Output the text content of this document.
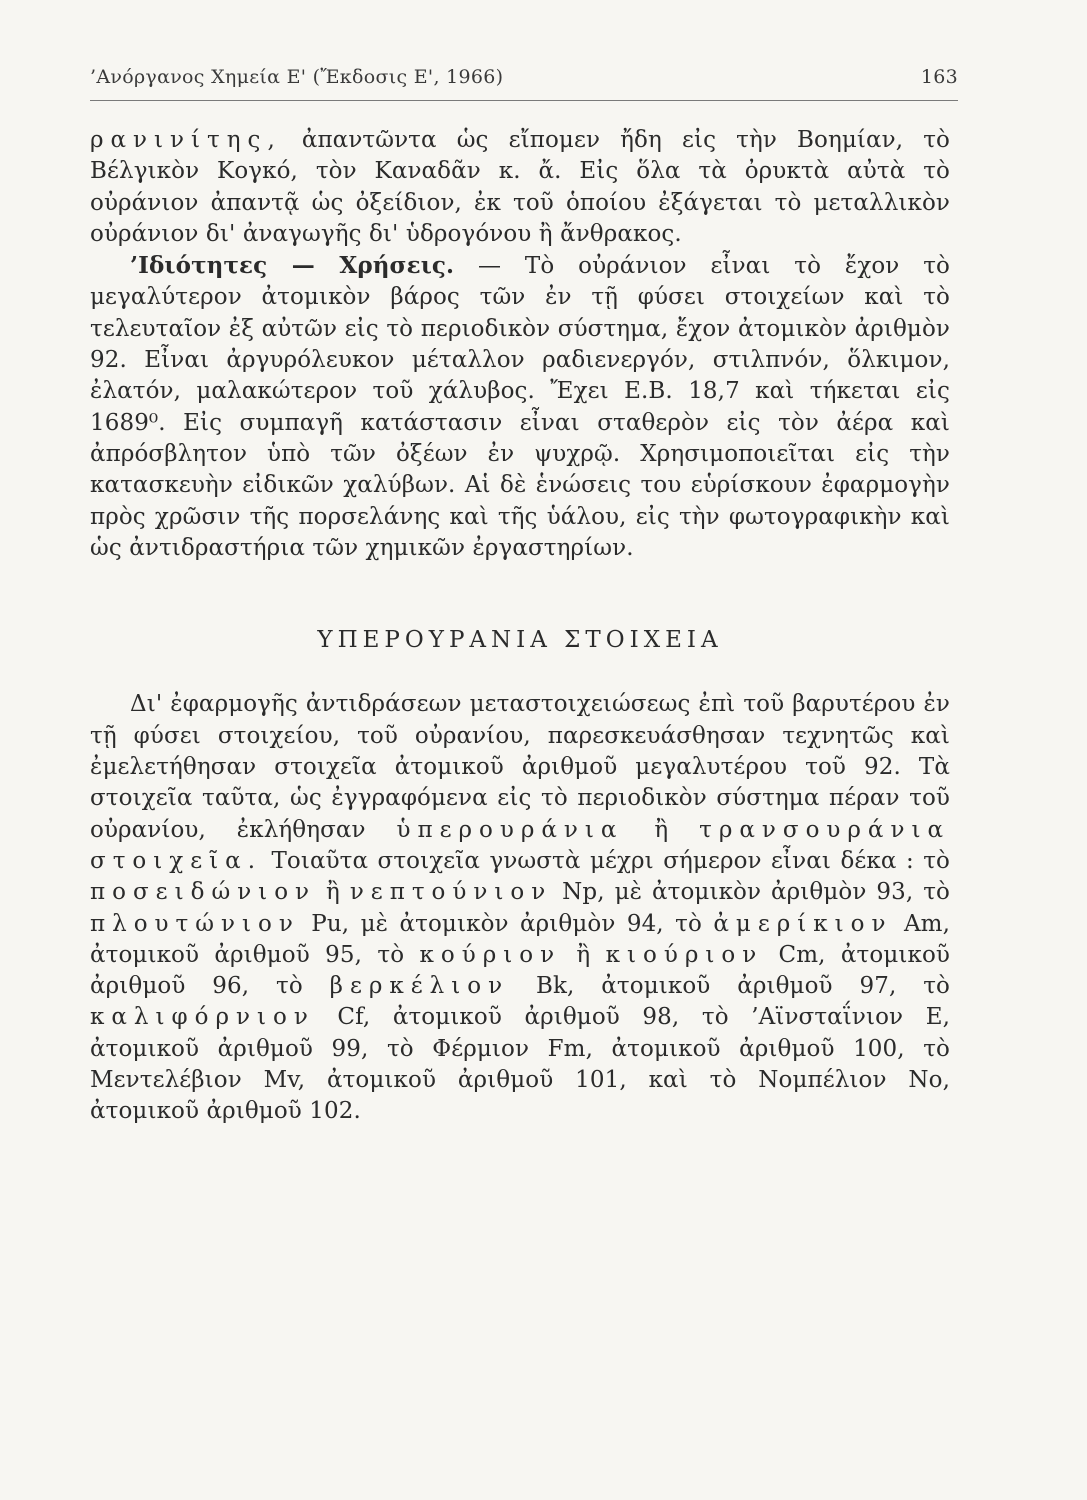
’Ανόργανος Χημεία Ε' (Ἔκδοσις Ε', 1966)	163

ρανινίτης, ἀπαντῶντα ὡς εἴπομεν ἤδη εἰς τὴν Βοημίαν, τὸ Βέλγικὸν Κογκό, τὸν Καναδᾶν κ. ἄ. Εἰς ὅλα τὰ ὀρυκτὰ αὐτὰ τὸ οὐράνιον ἀπαντᾷ ὡς ὀξείδιον, ἐκ τοῦ ὁποίου ἐξάγεται τὸ μεταλλικὸν οὐράνιον δι' ἀναγωγῆς δι' ὑδρογόνου ἢ ἄνθρακος.

’Ιδιότητες — Χρήσεις. — Τὸ οὐράνιον εἶναι τὸ ἔχον τὸ μεγαλύτερον ἀτομικὸν βάρος τῶν ἐν τῇ φύσει στοιχείων καὶ τὸ τελευταῖον ἐξ αὐτῶν εἰς τὸ περιοδικὸν σύστημα, ἔχον ἀτομικὸν ἀριθμὸν 92. Εἶναι ἀργυρόλευκον μέταλλον ραδιενεργόν, στιλπνόν, ὅλκιμον, ἐλατόν, μαλακώτερον τοῦ χάλυβος. Ἔχει Ε.Β. 18,7 καὶ τήκεται εἰς 1689⁰. Εἰς συμπαγῆ κατάστασιν εἶναι σταθερὸν εἰς τὸν ἀέρα καὶ ἀπρόσβλητον ὑπὸ τῶν ὀξέων ἐν ψυχρῷ. Χρησιμοποιεῖται εἰς τὴν κατασκευὴν εἰδικῶν χαλύβων. Αἱ δὲ ἑνώσεις του εὑρίσκουν ἐφαρμογὴν πρὸς χρῶσιν τῆς πορσελάνης καὶ τῆς ὑάλου, εἰς τὴν φωτογραφικὴν καὶ ὡς ἀντιδραστήρια τῶν χημικῶν ἐργαστηρίων.

ΥΠΕΡΟΥΡΑΝΙΑ ΣΤΟΙΧΕΙΑ

Δι' ἐφαρμογῆς ἀντιδράσεων μεταστοιχειώσεως ἐπὶ τοῦ βαρυτέρου ἐν τῇ φύσει στοιχείου, τοῦ οὐρανίου, παρεσκευάσθησαν τεχνητῶς καὶ ἐμελετήθησαν στοιχεῖα ἀτομικοῦ ἀριθμοῦ μεγαλυτέρου τοῦ 92. Τὰ στοιχεῖα ταῦτα, ὡς ἐγγραφόμενα εἰς τὸ περιοδικὸν σύστημα πέραν τοῦ οὐρανίου, ἐκλήθησαν ὑπερουράνια ἢ τρανσουράνια στοιχεῖα. Τοιαῦτα στοιχεῖα γνωστὰ μέχρι σήμερον εἶναι δέκα : τὸ ποσειδώνιον ἢ νεπτούνιον Np, μὲ ἀτομικὸν ἀριθμὸν 93, τὸ πλουτώνιον Pu, μὲ ἀτομικὸν ἀριθμὸν 94, τὸ ἀμερίκιον Am, ἀτομικοῦ ἀριθμοῦ 95, τὸ κούριον ἢ κιούριον Cm, ἀτομικοῦ ἀριθμοῦ 96, τὸ βερκέλιον Bk, ἀτομικοῦ ἀριθμοῦ 97, τὸ καλιφόρνιον Cf, ἀτομικοῦ ἀριθμοῦ 98, τὸ ’Αϊνσταΐνιον E, ἀτομικοῦ ἀριθμοῦ 99, τὸ Φέρμιον Fm, ἀτομικοῦ ἀριθμοῦ 100, τὸ Μεντελέβιον Mv, ἀτομικοῦ ἀριθμοῦ 101, καὶ τὸ Νομπέλιον No, ἀτομικοῦ ἀριθμοῦ 102.
